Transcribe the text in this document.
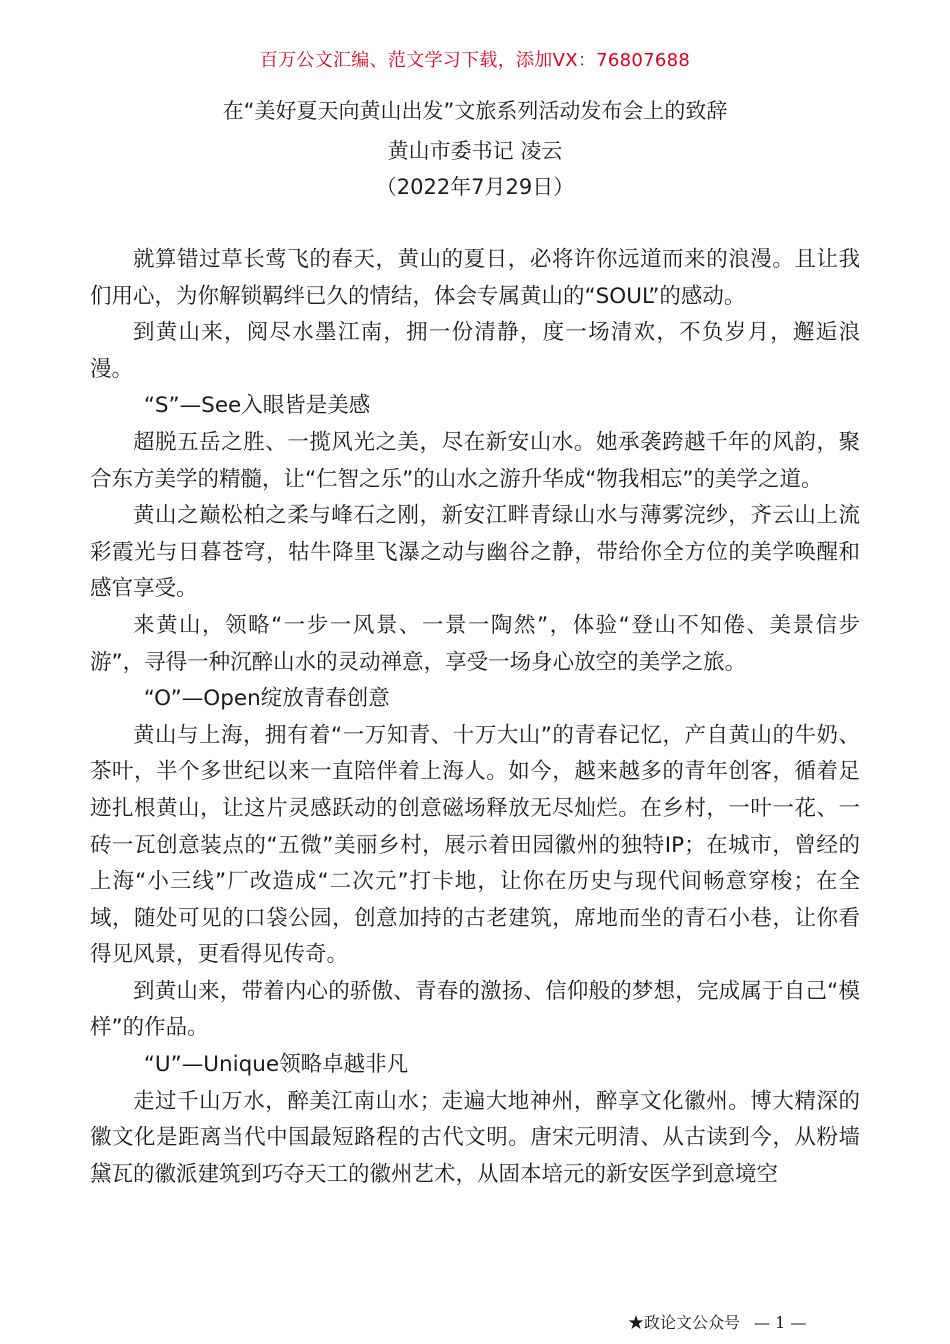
百万公文汇编、范文学习下载，添加VX：76807688
在“美好夏天向黄山出发”文旅系列活动发布会上的致辞
黄山市委书记 凌云
（2022年7月29日）

就算错过草长莺飞的春天，黄山的夏日，必将许你远道而来的浪漫。且让我们用心，为你解锁羁绊已久的情结，体会专属黄山的“SOUL”的感动。

到黄山来，阅尽水墨江南，拥一份清静，度一场清欢，不负岁月，邂逅浪漫。

“S”—See入眼皆是美感

超脱五岳之胜、一揽风光之美，尽在新安山水。她承袭跨越千年的风韵，聚合东方美学的精髓，让“仁智之乐”的山水之游升华成“物我相忘”的美学之道。

黄山之巅松柏之柔与峰石之刚，新安江畔青绿山水与薄雾浣纱，齐云山上流彩霞光与日暮苍穹，牯牛降里飞瀑之动与幽谷之静，带给你全方位的美学唤醒和感官享受。

来黄山，领略“一步一风景、一景一陶然”，体验“登山不知倦、美景信步游”，寻得一种沉醉山水的灵动禅意，享受一场身心放空的美学之旅。

“O”—Open绽放青春创意

黄山与上海，拥有着“一万知青、十万大山”的青春记忆，产自黄山的牛奶、茶叶，半个多世纪以来一直陪伴着上海人。如今，越来越多的青年创客，循着足迹扎根黄山，让这片灵感跃动的创意磁场释放无尽灿烂。在乡村，一叶一花、一砖一瓦创意装点的“五微”美丽乡村，展示着田园徽州的独特IP；在城市，曾经的上海“小三线”厂改造成“二次元”打卡地，让你在历史与现代间畅意穿梭；在全域，随处可见的口袋公园，创意加持的古老建筑，席地而坐的青石小巷，让你看得见风景，更看得见传奇。

到黄山来，带着内心的骄傲、青春的激扬、信仰般的梦想，完成属于自己“模样”的作品。

“U”—Unique领略卓越非凡

走过千山万水，醉美江南山水；走遍大地神州，醉享文化徽州。博大精深的徽文化是距离当代中国最短路程的古代文明。唐宋元明清、从古读到今，从粉墙黛瓦的徽派建筑到巧夺天工的徽州艺术，从固本培元的新安医学到意境空

★政论文公众号 — 1 —
